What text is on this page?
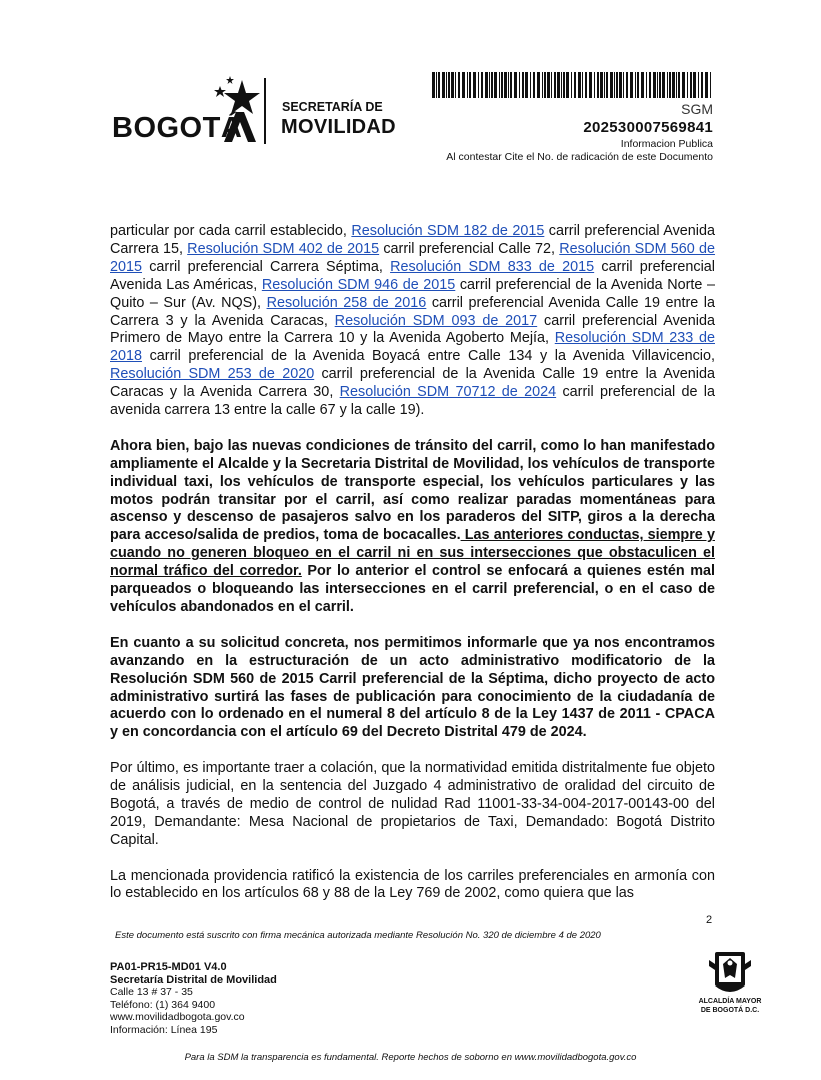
BOGOTÁ
SECRETARÍA DE
MOVILIDAD
SGM
202530007569841
Informacion Publica
Al contestar Cite el No. de radicación de este Documento

particular por cada carril establecido, Resolución SDM 182 de 2015 carril preferencial Avenida Carrera 15, Resolución SDM 402 de 2015 carril preferencial Calle 72, Resolución SDM 560 de 2015 carril preferencial Carrera Séptima, Resolución SDM 833 de 2015 carril preferencial Avenida Las Américas, Resolución SDM 946 de 2015 carril preferencial de la Avenida Norte – Quito – Sur (Av. NQS), Resolución 258 de 2016 carril preferencial Avenida Calle 19 entre la Carrera 3 y la Avenida Caracas, Resolución SDM 093 de 2017 carril preferencial Avenida Primero de Mayo entre la Carrera 10 y la Avenida Agoberto Mejía, Resolución SDM 233 de 2018 carril preferencial de la Avenida Boyacá entre Calle 134 y la Avenida Villavicencio, Resolución SDM 253 de 2020 carril preferencial de la Avenida Calle 19 entre la Avenida Caracas y la Avenida Carrera 30, Resolución SDM 70712 de 2024 carril preferencial de la avenida carrera 13 entre la calle 67 y la calle 19).

Ahora bien, bajo las nuevas condiciones de tránsito del carril, como lo han manifestado ampliamente el Alcalde y la Secretaria Distrital de Movilidad, los vehículos de transporte individual taxi, los vehículos de transporte especial, los vehículos particulares y las motos podrán transitar por el carril, así como realizar paradas momentáneas para ascenso y descenso de pasajeros salvo en los paraderos del SITP, giros a la derecha para acceso/salida de predios, toma de bocacalles. Las anteriores conductas, siempre y cuando no generen bloqueo en el carril ni en sus intersecciones que obstaculicen el normal tráfico del corredor. Por lo anterior el control se enfocará a quienes estén mal parqueados o bloqueando las intersecciones en el carril preferencial, o en el caso de vehículos abandonados en el carril.

En cuanto a su solicitud concreta, nos permitimos informarle que ya nos encontramos avanzando en la estructuración de un acto administrativo modificatorio de la Resolución SDM 560 de 2015 Carril preferencial de la Séptima, dicho proyecto de acto administrativo surtirá las fases de publicación para conocimiento de la ciudadanía de acuerdo con lo ordenado en el numeral 8 del artículo 8 de la Ley 1437 de 2011 - CPACA y en concordancia con el artículo 69 del Decreto Distrital 479 de 2024.

Por último, es importante traer a colación, que la normatividad emitida distritalmente fue objeto de análisis judicial, en la sentencia del Juzgado 4 administrativo de oralidad del circuito de Bogotá, a través de medio de control de nulidad Rad 11001-33-34-004-2017-00143-00 del 2019, Demandante: Mesa Nacional de propietarios de Taxi, Demandado: Bogotá Distrito Capital.

La mencionada providencia ratificó la existencia de los carriles preferenciales en armonía con lo establecido en los artículos 68 y 88 de la Ley 769 de 2002, como quiera que las

2
Este documento está suscrito con firma mecánica autorizada mediante Resolución No. 320 de diciembre 4 de 2020
PA01-PR15-MD01 V4.0
Secretaría Distrital de Movilidad
Calle 13 # 37 - 35
Teléfono: (1) 364 9400
www.movilidadbogota.gov.co
Información: Línea 195
ALCALDÍA MAYOR
DE BOGOTÁ D.C.
Para la SDM la transparencia es fundamental. Reporte hechos de soborno en www.movilidadbogota.gov.co
